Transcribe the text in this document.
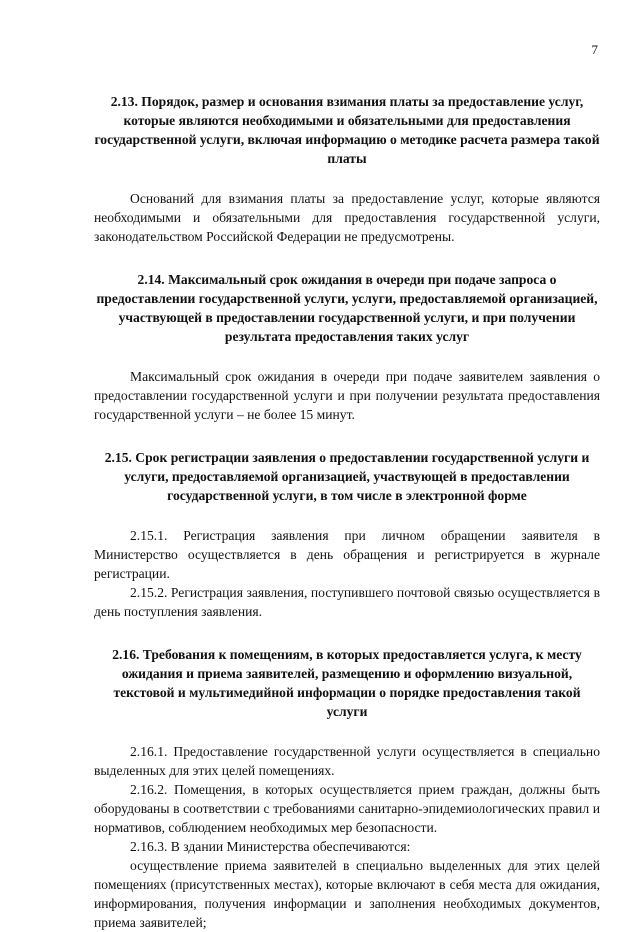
7

2.13. Порядок, размер и основания взимания платы за предоставление услуг, которые являются необходимыми и обязательными для предоставления государственной услуги, включая информацию о методике расчета размера такой платы

Оснований для взимания платы за предоставление услуг, которые являются необходимыми и обязательными для предоставления государственной услуги, законодательством Российской Федерации не предусмотрены.

2.14. Максимальный срок ожидания в очереди при подаче запроса о предоставлении государственной услуги, услуги, предоставляемой организацией, участвующей в предоставлении государственной услуги, и при получении результата предоставления таких услуг

Максимальный срок ожидания в очереди при подаче заявителем заявления о предоставлении государственной услуги и при получении результата предоставления государственной услуги – не более 15 минут.

2.15. Срок регистрации заявления о предоставлении государственной услуги и услуги, предоставляемой организацией, участвующей в предоставлении государственной услуги, в том числе в электронной форме

2.15.1. Регистрация заявления при личном обращении заявителя в Министерство осуществляется в день обращения и регистрируется в журнале регистрации.

2.15.2. Регистрация заявления, поступившего почтовой связью осуществляется в день поступления заявления.

2.16. Требования к помещениям, в которых предоставляется услуга, к месту ожидания и приема заявителей, размещению и оформлению визуальной, текстовой и мультимедийной информации о порядке предоставления такой услуги

2.16.1. Предоставление государственной услуги осуществляется в специально выделенных для этих целей помещениях.

2.16.2. Помещения, в которых осуществляется прием граждан, должны быть оборудованы в соответствии с требованиями санитарно-эпидемиологических правил и нормативов, соблюдением необходимых мер безопасности.

2.16.3. В здании Министерства обеспечиваются:

осуществление приема заявителей в специально выделенных для этих целей помещениях (присутственных местах), которые включают в себя места для ожидания, информирования, получения информации и заполнения необходимых документов, приема заявителей;
